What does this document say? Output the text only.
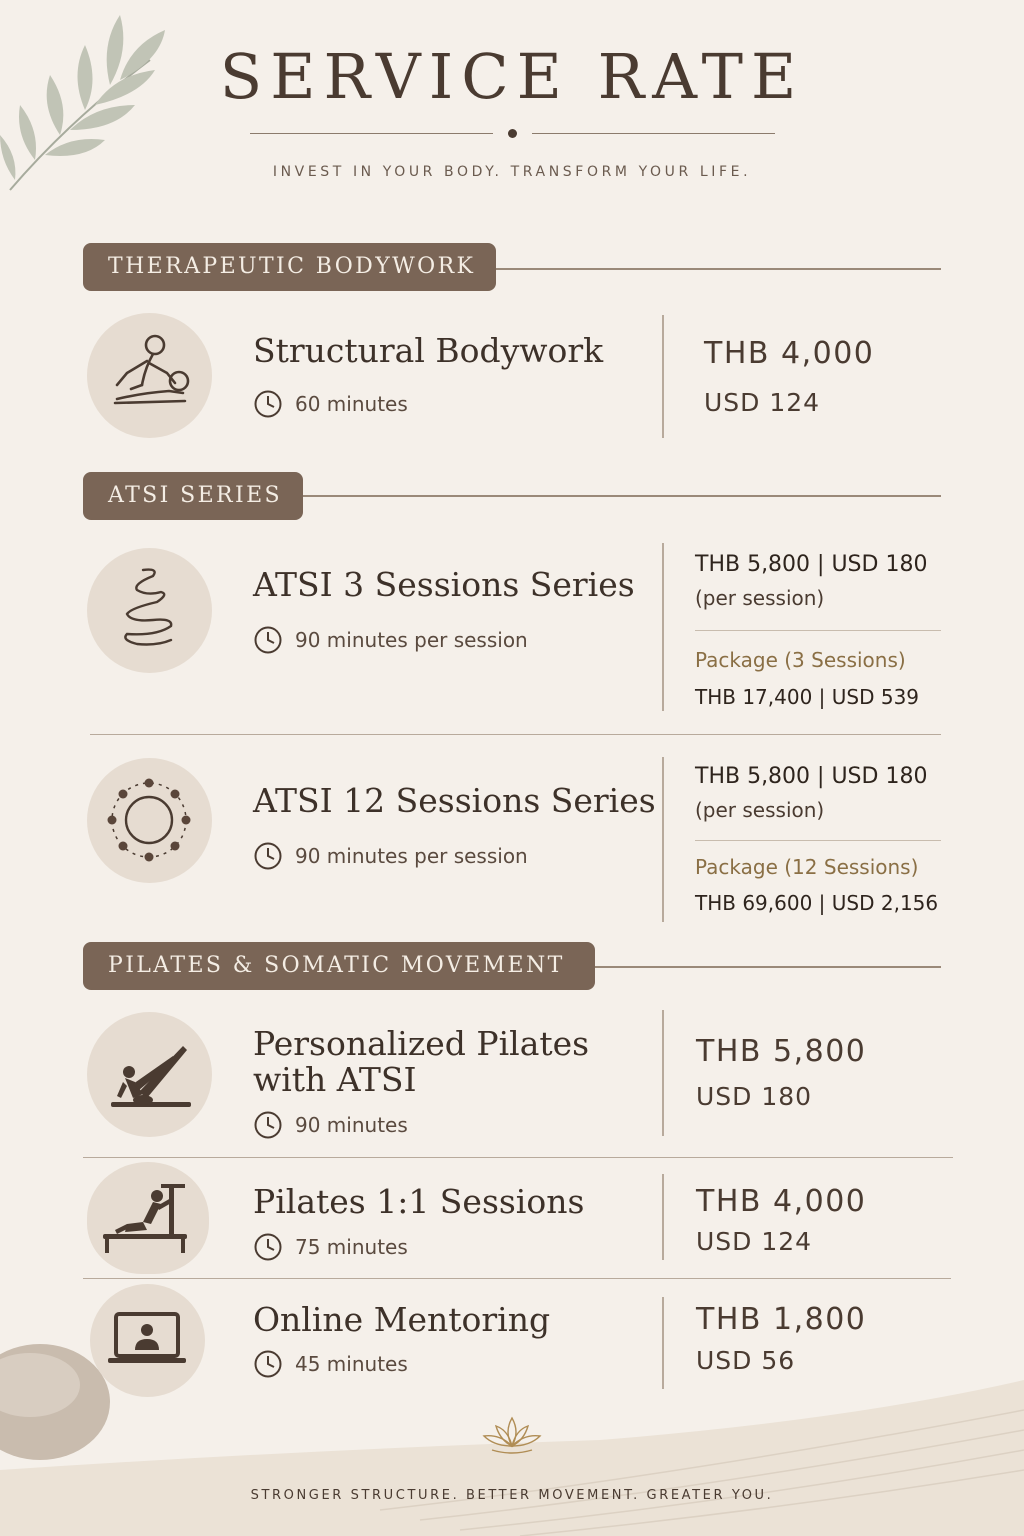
SERVICE RATE
INVEST IN YOUR BODY. TRANSFORM YOUR LIFE.
THERAPEUTIC BODYWORK
Structural Bodywork
60 minutes
THB 4,000
USD 124
ATSI SERIES
ATSI 3 Sessions Series
90 minutes per session
THB 5,800 | USD 180
(per session)
Package (3 Sessions)
THB 17,400 | USD 539
ATSI 12 Sessions Series
90 minutes per session
THB 5,800 | USD 180
(per session)
Package (12 Sessions)
THB 69,600 | USD 2,156
PILATES & SOMATIC MOVEMENT
Personalized Pilates
with ATSI
90 minutes
THB 5,800
USD 180
Pilates 1:1 Sessions
75 minutes
THB 4,000
USD 124
Online Mentoring
45 minutes
THB 1,800
USD 56
STRONGER STRUCTURE. BETTER MOVEMENT. GREATER YOU.
